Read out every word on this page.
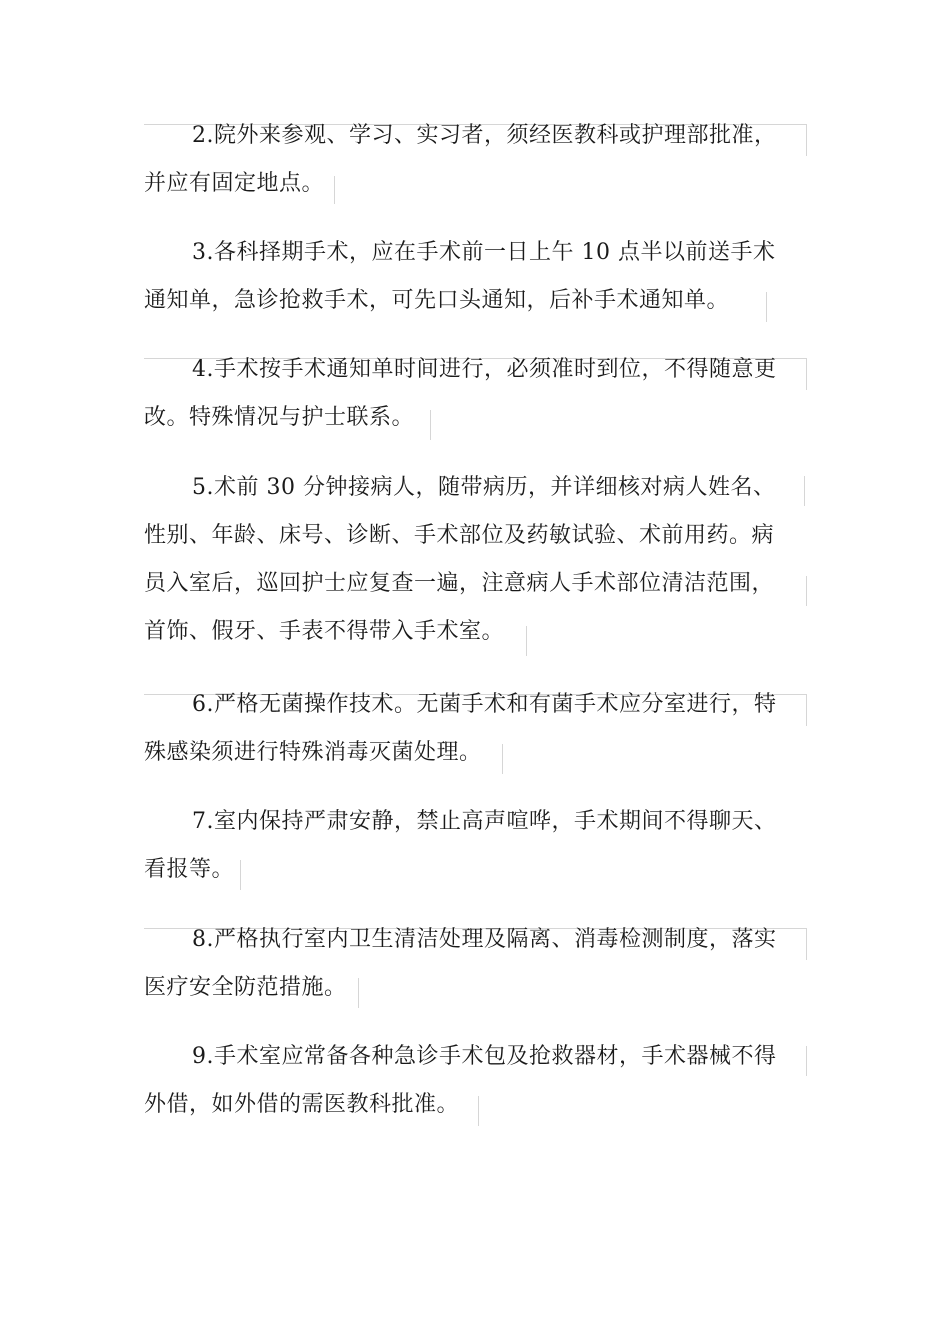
2.院外来参观、学习、实习者，须经医教科或护理部批准，
并应有固定地点。
3.各科择期手术，应在手术前一日上午 10 点半以前送手术
通知单，急诊抢救手术，可先口头通知，后补手术通知单。
4.手术按手术通知单时间进行，必须准时到位，不得随意更
改。特殊情况与护士联系。
5.术前 30 分钟接病人，随带病历，并详细核对病人姓名、
性别、年龄、床号、诊断、手术部位及药敏试验、术前用药。病
员入室后，巡回护士应复查一遍，注意病人手术部位清洁范围，
首饰、假牙、手表不得带入手术室。
6.严格无菌操作技术。无菌手术和有菌手术应分室进行，特
殊感染须进行特殊消毒灭菌处理。
7.室内保持严肃安静，禁止高声喧哗，手术期间不得聊天、
看报等。
8.严格执行室内卫生清洁处理及隔离、消毒检测制度，落实
医疗安全防范措施。
9.手术室应常备各种急诊手术包及抢救器材，手术器械不得
外借，如外借的需医教科批准。
